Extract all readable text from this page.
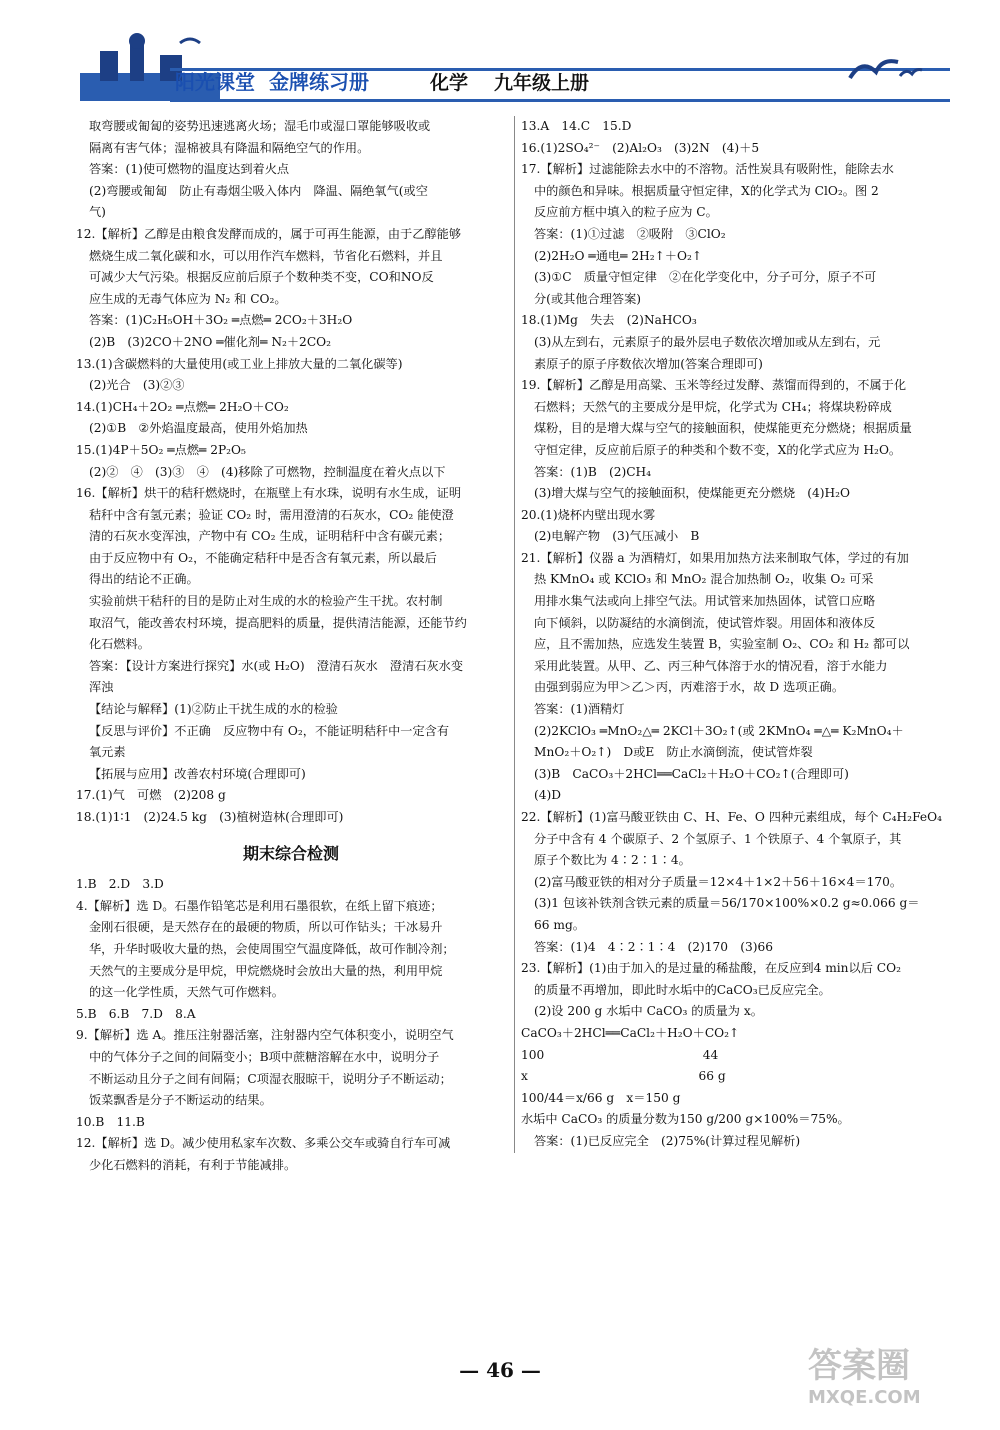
阳光课堂 金牌练习册	化学 九年级上册

取弯腰或匍匐的姿势迅速逃离火场；湿毛巾或湿口罩能够吸收或

隔离有害气体；湿棉被具有降温和隔绝空气的作用。

答案：(1)使可燃物的温度达到着火点

(2)弯腰或匍匐　防止有毒烟尘吸入体内　降温、隔绝氧气(或空

气)

12.【解析】乙醇是由粮食发酵而成的，属于可再生能源，由于乙醇能够

燃烧生成二氧化碳和水，可以用作汽车燃料，节省化石燃料，并且

可减少大气污染。根据反应前后原子个数种类不变，CO和NO反

应生成的无毒气体应为 N₂ 和 CO₂。

答案：(1)C₂H₅OH＋3O₂ ═点燃═ 2CO₂＋3H₂O

(2)B　(3)2CO＋2NO ═催化剂═ N₂＋2CO₂

13.(1)含碳燃料的大量使用(或工业上排放大量的二氧化碳等)

(2)光合　(3)②③

14.(1)CH₄＋2O₂ ═点燃═ 2H₂O＋CO₂

(2)①B　②外焰温度最高，使用外焰加热

15.(1)4P＋5O₂ ═点燃═ 2P₂O₅

(2)②　④　(3)③　④　(4)移除了可燃物，控制温度在着火点以下

16.【解析】烘干的秸秆燃烧时，在瓶壁上有水珠，说明有水生成，证明

秸秆中含有氢元素；验证 CO₂ 时，需用澄清的石灰水，CO₂ 能使澄

清的石灰水变浑浊，产物中有 CO₂ 生成，证明秸秆中含有碳元素；

由于反应物中有 O₂，不能确定秸秆中是否含有氧元素，所以最后

得出的结论不正确。

实验前烘干秸秆的目的是防止对生成的水的检验产生干扰。农村制

取沼气，能改善农村环境，提高肥料的质量，提供清洁能源，还能节约

化石燃料。

答案：【设计方案进行探究】水(或 H₂O)　澄清石灰水　澄清石灰水变

浑浊

【结论与解释】(1)②防止干扰生成的水的检验

【反思与评价】不正确　反应物中有 O₂，不能证明秸秆中一定含有

氧元素

【拓展与应用】改善农村环境(合理即可)

17.(1)气　可燃　(2)208 g

18.(1)1∶1　(2)24.5 kg　(3)植树造林(合理即可)

期末综合检测

1.B　2.D　3.D

4.【解析】选 D。石墨作铅笔芯是利用石墨很软，在纸上留下痕迹；

金刚石很硬，是天然存在的最硬的物质，所以可作钻头；干冰易升

华，升华时吸收大量的热，会使周围空气温度降低，故可作制冷剂；

天然气的主要成分是甲烷，甲烷燃烧时会放出大量的热，利用甲烷

的这一化学性质，天然气可作燃料。

5.B　6.B　7.D　8.A

9.【解析】选 A。推压注射器活塞，注射器内空气体积变小，说明空气

中的气体分子之间的间隔变小；B项中蔗糖溶解在水中，说明分子

不断运动且分子之间有间隔；C项湿衣服晾干，说明分子不断运动；

饭菜飘香是分子不断运动的结果。

10.B　11.B

12.【解析】选 D。减少使用私家车次数、多乘公交车或骑自行车可减

少化石燃料的消耗，有利于节能减排。

13.A　14.C　15.D

16.(1)2SO₄²⁻　(2)Al₂O₃　(3)2N　(4)＋5

17.【解析】过滤能除去水中的不溶物。活性炭具有吸附性，能除去水

中的颜色和异味。根据质量守恒定律，X的化学式为 ClO₂。图 2

反应前方框中填入的粒子应为 C。

答案：(1)①过滤　②吸附　③ClO₂

(2)2H₂O ═通电═ 2H₂↑＋O₂↑

(3)①C　质量守恒定律　②在化学变化中，分子可分，原子不可

分(或其他合理答案)

18.(1)Mg　失去　(2)NaHCO₃

(3)从左到右，元素原子的最外层电子数依次增加或从左到右，元

素原子的原子序数依次增加(答案合理即可)

19.【解析】乙醇是用高粱、玉米等经过发酵、蒸馏而得到的，不属于化

石燃料；天然气的主要成分是甲烷，化学式为 CH₄；将煤块粉碎成

煤粉，目的是增大煤与空气的接触面积，使煤能更充分燃烧；根据质量

守恒定律，反应前后原子的种类和个数不变，X的化学式应为 H₂O。

答案：(1)B　(2)CH₄

(3)增大煤与空气的接触面积，使煤能更充分燃烧　(4)H₂O

20.(1)烧杯内壁出现水雾

(2)电解产物　(3)气压减小　B

21.【解析】仪器 a 为酒精灯，如果用加热方法来制取气体，学过的有加

热 KMnO₄ 或 KClO₃ 和 MnO₂ 混合加热制 O₂，收集 O₂ 可采

用排水集气法或向上排空气法。用试管来加热固体，试管口应略

向下倾斜，以防凝结的水滴倒流，使试管炸裂。用固体和液体反

应，且不需加热，应选发生装置 B，实验室制 O₂、CO₂ 和 H₂ 都可以

采用此装置。从甲、乙、丙三种气体溶于水的情况看，溶于水能力

由强到弱应为甲＞乙＞丙，丙难溶于水，故 D 选项正确。

答案：(1)酒精灯

(2)2KClO₃ ═MnO₂△═ 2KCl＋3O₂↑(或 2KMnO₄ ═△═ K₂MnO₄＋

MnO₂＋O₂↑)　D或E　防止水滴倒流，使试管炸裂

(3)B　CaCO₃＋2HCl══CaCl₂＋H₂O＋CO₂↑(合理即可)

(4)D

22.【解析】(1)富马酸亚铁由 C、H、Fe、O 四种元素组成，每个 C₄H₂FeO₄

分子中含有 4 个碳原子、2 个氢原子、1 个铁原子、4 个氧原子，其

原子个数比为 4∶2∶1∶4。

(2)富马酸亚铁的相对分子质量＝12×4＋1×2＋56＋16×4＝170。

(3)1 包该补铁剂含铁元素的质量＝56/170×100%×0.2 g≈0.066 g＝

66 mg。

答案：(1)4　4∶2∶1∶4　(2)170　(3)66

23.【解析】(1)由于加入的是过量的稀盐酸，在反应到4 min以后 CO₂

的质量不再增加，即此时水垢中的CaCO₃已反应完全。

(2)设 200 g 水垢中 CaCO₃ 的质量为 x。

CaCO₃＋2HCl══CaCl₂＋H₂O＋CO₂↑

100　　　　　　　　　　　　　44

x　　　　　　　　　　　　　　66 g

100/44＝x/66 g　x＝150 g

水垢中 CaCO₃ 的质量分数为150 g/200 g×100%＝75%。

答案：(1)已反应完全　(2)75%(计算过程见解析)

— 46 —	答案圈
MXQE.COM
